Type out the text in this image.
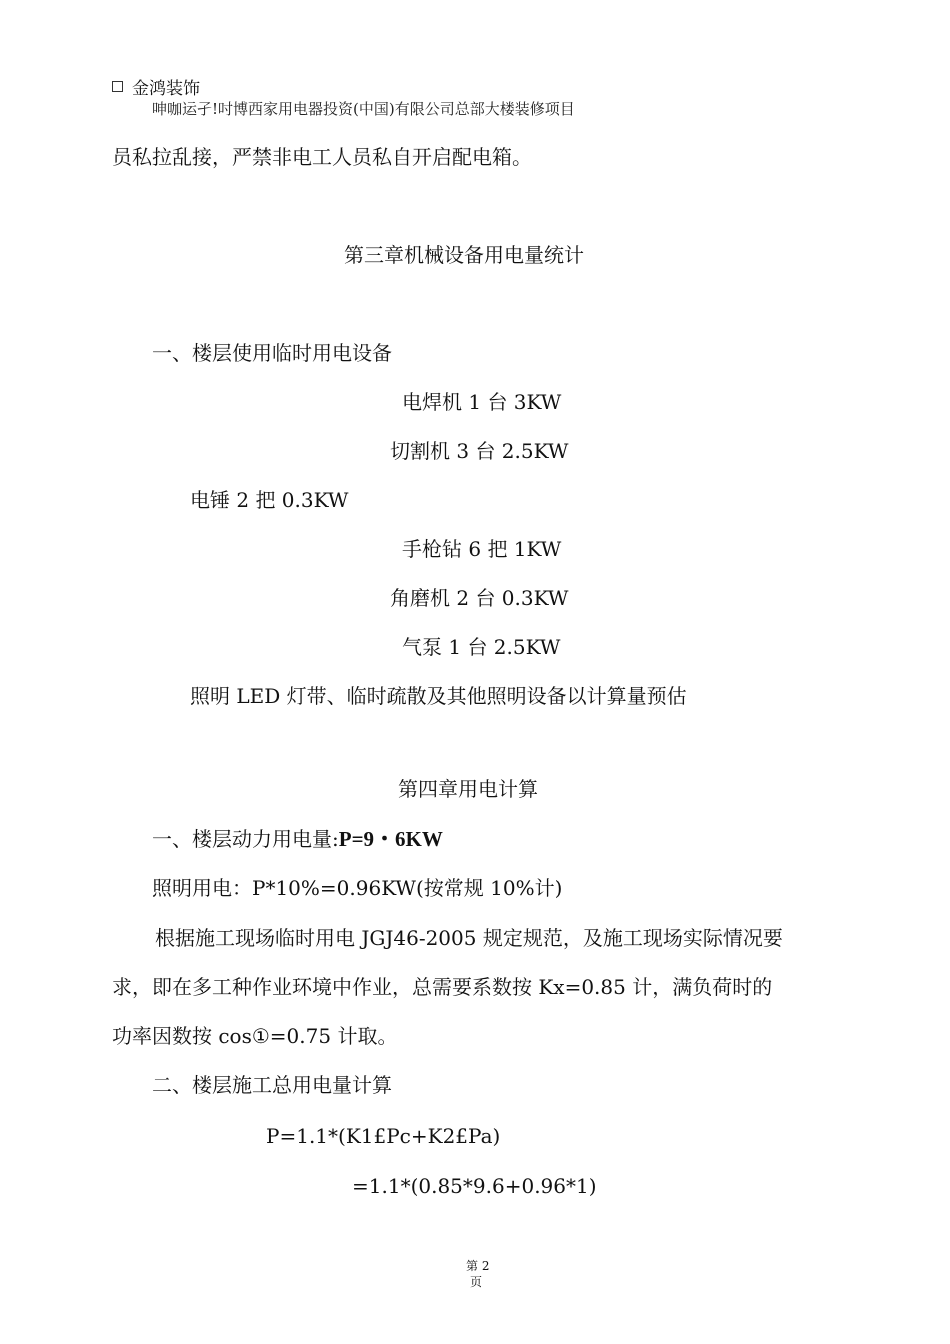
金鸿装饰
呻咖运孑!吋博西家用电器投资(中国)有限公司总部大楼装修项目
员私拉乱接，严禁非电工人员私自开启配电箱。
第三章机械设备用电量统计
一、楼层使用临时用电设备
电焊机 1 台 3KW
切割机 3 台 2.5KW
电锤 2 把 0.3KW
手枪钻 6 把 1KW
角磨机 2 台 0.3KW
气泵 1 台 2.5KW
照明 LED 灯带、临时疏散及其他照明设备以计算量预估
第四章用电计算
一、楼层动力用电量:P=9・6KW
照明用电：P*10%=0.96KW(按常规 10%计)
根据施工现场临时用电 JGJ46-2005 规定规范，及施工现场实际情况要
求，即在多工种作业环境中作业，总需要系数按 Kx=0.85 计，满负荷时的
功率因数按 cos①=0.75 计取。
二、楼层施工总用电量计算
P=1.1*(K1£Pc+K2£Pa)
=1.1*(0.85*9.6+0.96*1)
第 2
页
